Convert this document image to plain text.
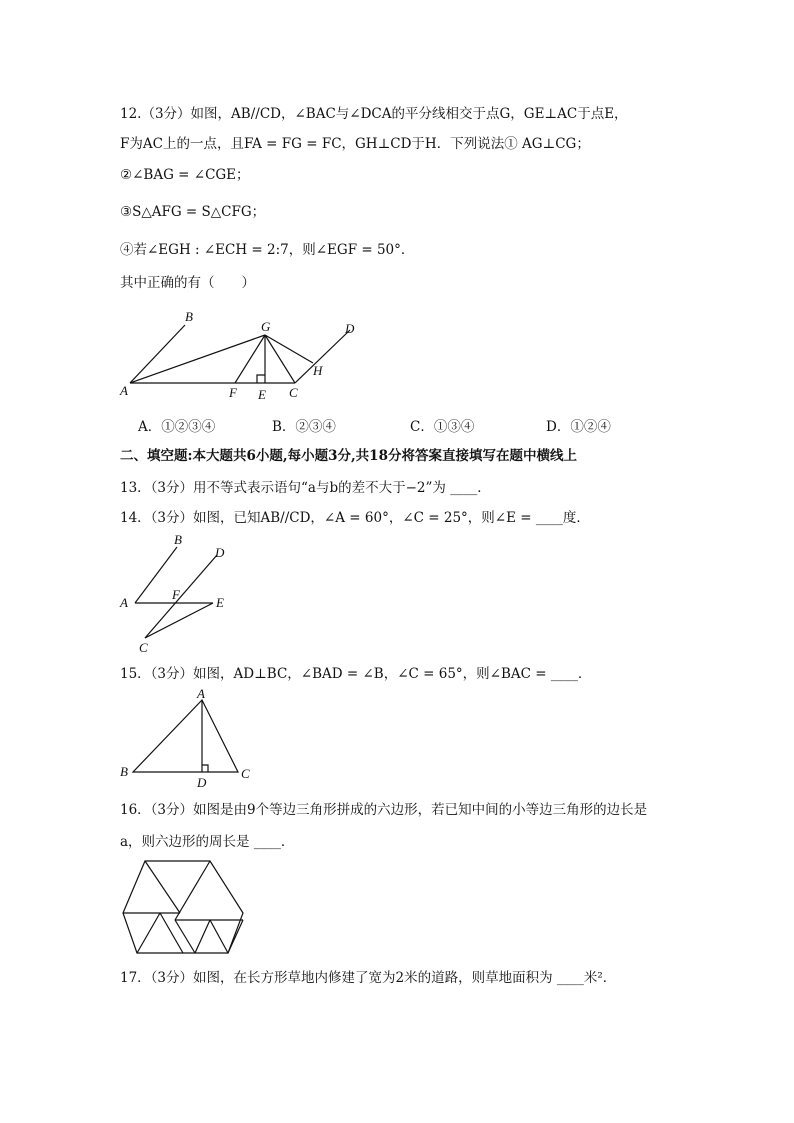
12.（3分）如图，AB//CD，∠BAC与∠DCA的平分线相交于点G，GE⊥AC于点E，
F为AC上的一点，且FA = FG = FC，GH⊥CD于H．下列说法① AG⊥CG；
②∠BAG = ∠CGE；
③S△AFG = S△CFG；
④若∠EGH : ∠ECH = 2:7，则∠EGF = 50°．
其中正确的有（　　）
B
G	D
A	F E C
H
A．①②③④	B．②③④	C．①③④	D．①②④
二、填空题:本大题共6小题,每小题3分,共18分将答案直接填写在题中横线上
13．（3分）用不等式表示语句“a与b的差不大于−2”为 ____．
14．（3分）如图，已知AB//CD，∠A = 60°，∠C = 25°，则∠E = ____度．
B
D
A
F
E
C
15．（3分）如图，AD⊥BC，∠BAD = ∠B，∠C = 65°，则∠BAC = ____．
A
B
D
C
16．（3分）如图是由9个等边三角形拼成的六边形，若已知中间的小等边三角形的边长是
a，则六边形的周长是 ____．
17．（3分）如图，在长方形草地内修建了宽为2米的道路，则草地面积为 ____米²．
